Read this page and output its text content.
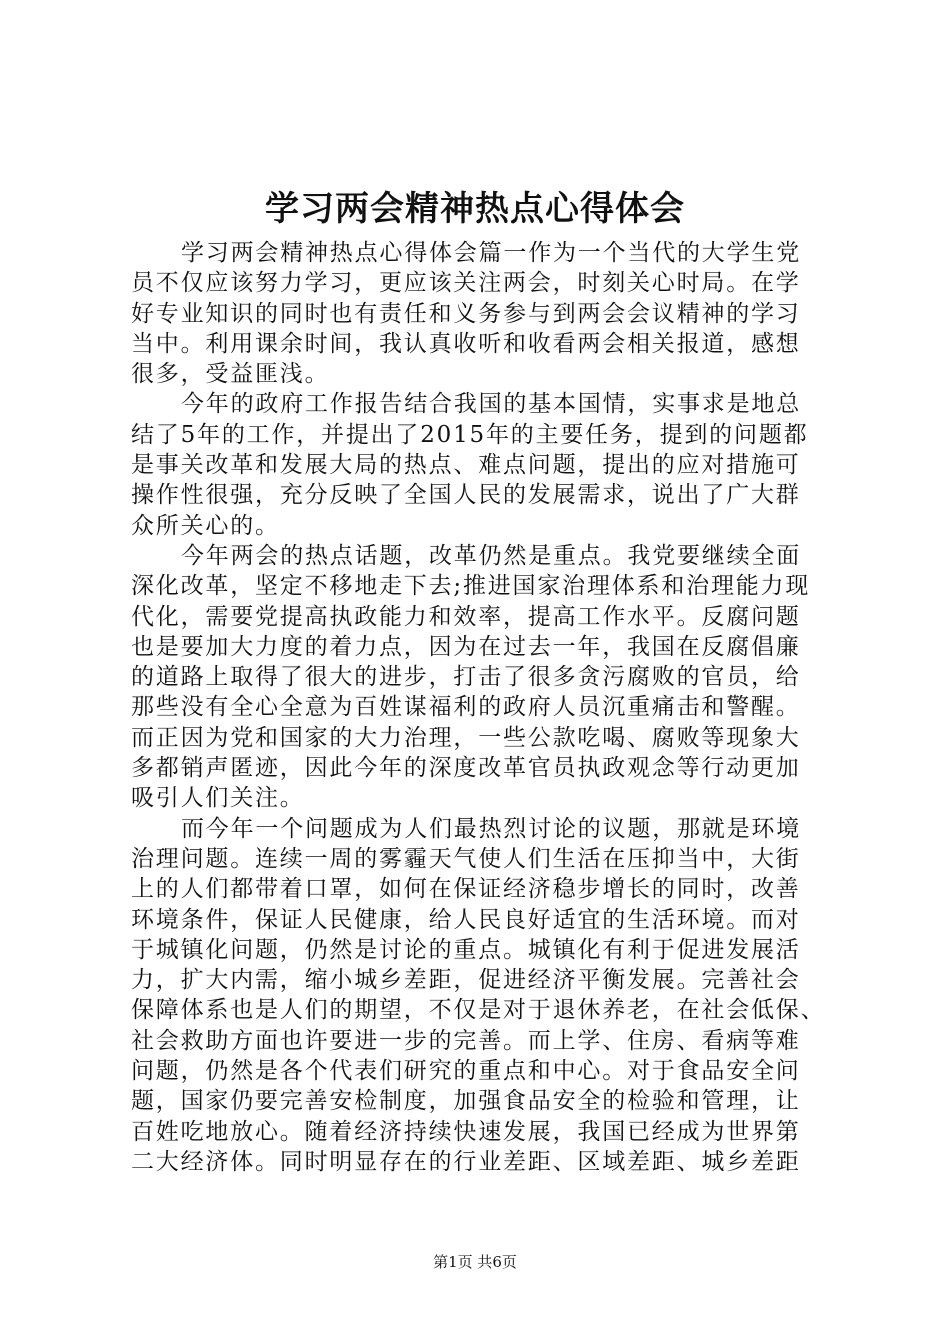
学习两会精神热点心得体会
学习两会精神热点心得体会篇一作为一个当代的大学生党
员不仅应该努力学习，更应该关注两会，时刻关心时局。在学
好专业知识的同时也有责任和义务参与到两会会议精神的学习
当中。利用课余时间，我认真收听和收看两会相关报道，感想
很多，受益匪浅。
今年的政府工作报告结合我国的基本国情，实事求是地总
结了5年的工作，并提出了2015年的主要任务，提到的问题都
是事关改革和发展大局的热点、难点问题，提出的应对措施可
操作性很强，充分反映了全国人民的发展需求，说出了广大群
众所关心的。
今年两会的热点话题，改革仍然是重点。我党要继续全面
深化改革，坚定不移地走下去;推进国家治理体系和治理能力现
代化，需要党提高执政能力和效率，提高工作水平。反腐问题
也是要加大力度的着力点，因为在过去一年，我国在反腐倡廉
的道路上取得了很大的进步，打击了很多贪污腐败的官员，给
那些没有全心全意为百姓谋福利的政府人员沉重痛击和警醒。
而正因为党和国家的大力治理，一些公款吃喝、腐败等现象大
多都销声匿迹，因此今年的深度改革官员执政观念等行动更加
吸引人们关注。
而今年一个问题成为人们最热烈讨论的议题，那就是环境
治理问题。连续一周的雾霾天气使人们生活在压抑当中，大街
上的人们都带着口罩，如何在保证经济稳步增长的同时，改善
环境条件，保证人民健康，给人民良好适宜的生活环境。而对
于城镇化问题，仍然是讨论的重点。城镇化有利于促进发展活
力，扩大内需，缩小城乡差距，促进经济平衡发展。完善社会
保障体系也是人们的期望，不仅是对于退休养老，在社会低保、
社会救助方面也许要进一步的完善。而上学、住房、看病等难
问题，仍然是各个代表们研究的重点和中心。对于食品安全问
题，国家仍要完善安检制度，加强食品安全的检验和管理，让
百姓吃地放心。随着经济持续快速发展，我国已经成为世界第
二大经济体。同时明显存在的行业差距、区域差距、城乡差距
第1页 共6页
